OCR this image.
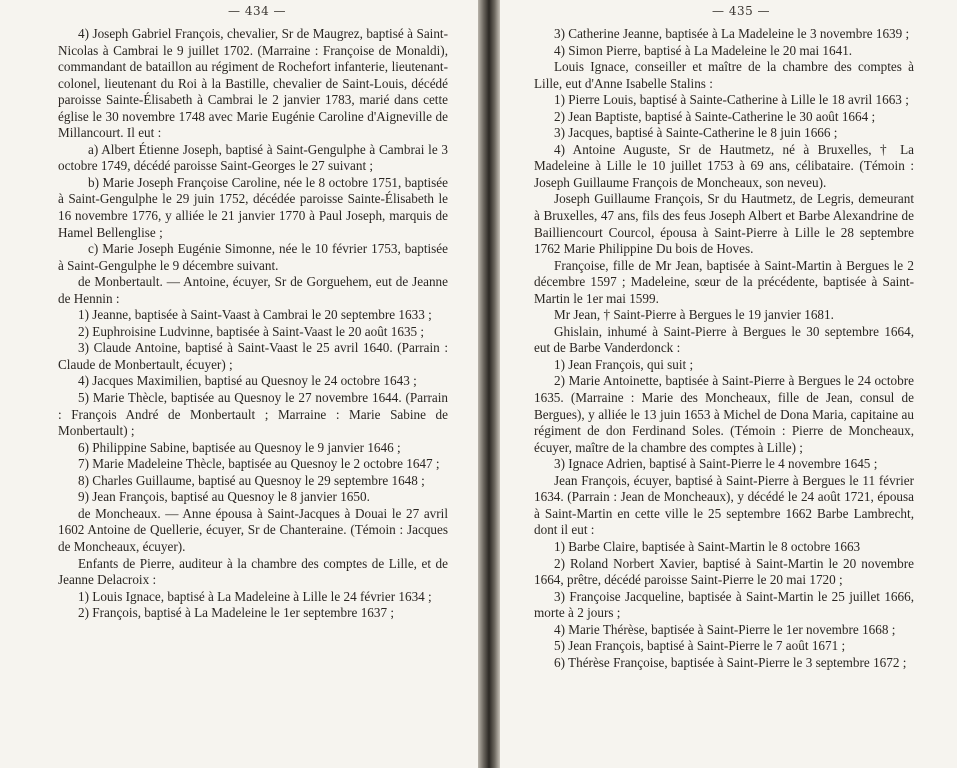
— 434 —

4) Joseph Gabriel François, chevalier, Sr de Maugrez, baptisé à Saint-Nicolas à Cambrai le 9 juillet 1702. (Marraine : Françoise de Monaldi), commandant de bataillon au régiment de Rochefort infanterie, lieutenant-colonel, lieutenant du Roi à la Bastille, chevalier de Saint-Louis, décédé paroisse Sainte-Élisabeth à Cambrai le 2 janvier 1783, marié dans cette église le 30 novembre 1748 avec Marie Eugénie Caroline d'Aigneville de Millancourt. Il eut :

a) Albert Étienne Joseph, baptisé à Saint-Gengulphe à Cambrai le 3 octobre 1749, décédé paroisse Saint-Georges le 27 suivant ;

b) Marie Joseph Françoise Caroline, née le 8 octobre 1751, baptisée à Saint-Gengulphe le 29 juin 1752, décédée paroisse Sainte-Élisabeth le 16 novembre 1776, y alliée le 21 janvier 1770 à Paul Joseph, marquis de Hamel Bellenglise ;

c) Marie Joseph Eugénie Simonne, née le 10 février 1753, baptisée à Saint-Gengulphe le 9 décembre suivant.

de Monbertault. — Antoine, écuyer, Sr de Gorguehem, eut de Jeanne de Hennin :

1) Jeanne, baptisée à Saint-Vaast à Cambrai le 20 septembre 1633 ;

2) Euphroisine Ludvinne, baptisée à Saint-Vaast le 20 août 1635 ;

3) Claude Antoine, baptisé à Saint-Vaast le 25 avril 1640. (Parrain : Claude de Monbertault, écuyer) ;

4) Jacques Maximilien, baptisé au Quesnoy le 24 octobre 1643 ;

5) Marie Thècle, baptisée au Quesnoy le 27 novembre 1644. (Parrain : François André de Monbertault ; Marraine : Marie Sabine de Monbertault) ;

6) Philippine Sabine, baptisée au Quesnoy le 9 janvier 1646 ;

7) Marie Madeleine Thècle, baptisée au Quesnoy le 2 octobre 1647 ;

8) Charles Guillaume, baptisé au Quesnoy le 29 septembre 1648 ;

9) Jean François, baptisé au Quesnoy le 8 janvier 1650.

de Moncheaux. — Anne épousa à Saint-Jacques à Douai le 27 avril 1602 Antoine de Quellerie, écuyer, Sr de Chanteraine. (Témoin : Jacques de Moncheaux, écuyer).

Enfants de Pierre, auditeur à la chambre des comptes de Lille, et de Jeanne Delacroix :

1) Louis Ignace, baptisé à La Madeleine à Lille le 24 février 1634 ;

2) François, baptisé à La Madeleine le 1er septembre 1637 ;

— 435 —

3) Catherine Jeanne, baptisée à La Madeleine le 3 novembre 1639 ;

4) Simon Pierre, baptisé à La Madeleine le 20 mai 1641.

Louis Ignace, conseiller et maître de la chambre des comptes à Lille, eut d'Anne Isabelle Stalins :

1) Pierre Louis, baptisé à Sainte-Catherine à Lille le 18 avril 1663 ;

2) Jean Baptiste, baptisé à Sainte-Catherine le 30 août 1664 ;

3) Jacques, baptisé à Sainte-Catherine le 8 juin 1666 ;

4) Antoine Auguste, Sr de Hautmetz, né à Bruxelles, † La Madeleine à Lille le 10 juillet 1753 à 69 ans, célibataire. (Témoin : Joseph Guillaume François de Moncheaux, son neveu).

Joseph Guillaume François, Sr du Hautmetz, de Legris, demeurant à Bruxelles, 47 ans, fils des feus Joseph Albert et Barbe Alexandrine de Bailliencourt Courcol, épousa à Saint-Pierre à Lille le 28 septembre 1762 Marie Philippine Du bois de Hoves.

Françoise, fille de Mr Jean, baptisée à Saint-Martin à Bergues le 2 décembre 1597 ; Madeleine, sœur de la précédente, baptisée à Saint-Martin le 1er mai 1599.

Mr Jean, † Saint-Pierre à Bergues le 19 janvier 1681.

Ghislain, inhumé à Saint-Pierre à Bergues le 30 septembre 1664, eut de Barbe Vanderdonck :

1) Jean François, qui suit ;

2) Marie Antoinette, baptisée à Saint-Pierre à Bergues le 24 octobre 1635. (Marraine : Marie des Moncheaux, fille de Jean, consul de Bergues), y alliée le 13 juin 1653 à Michel de Dona Maria, capitaine au régiment de don Ferdinand Soles. (Témoin : Pierre de Moncheaux, écuyer, maître de la chambre des comptes à Lille) ;

3) Ignace Adrien, baptisé à Saint-Pierre le 4 novembre 1645 ;

Jean François, écuyer, baptisé à Saint-Pierre à Bergues le 11 février 1634. (Parrain : Jean de Moncheaux), y décédé le 24 août 1721, épousa à Saint-Martin en cette ville le 25 septembre 1662 Barbe Lambrecht, dont il eut :

1) Barbe Claire, baptisée à Saint-Martin le 8 octobre 1663

2) Roland Norbert Xavier, baptisé à Saint-Martin le 20 novembre 1664, prêtre, décédé paroisse Saint-Pierre le 20 mai 1720 ;

3) Françoise Jacqueline, baptisée à Saint-Martin le 25 juillet 1666, morte à 2 jours ;

4) Marie Thérèse, baptisée à Saint-Pierre le 1er novembre 1668 ;

5) Jean François, baptisé à Saint-Pierre le 7 août 1671 ;

6) Thérèse Françoise, baptisée à Saint-Pierre le 3 septembre 1672 ;
